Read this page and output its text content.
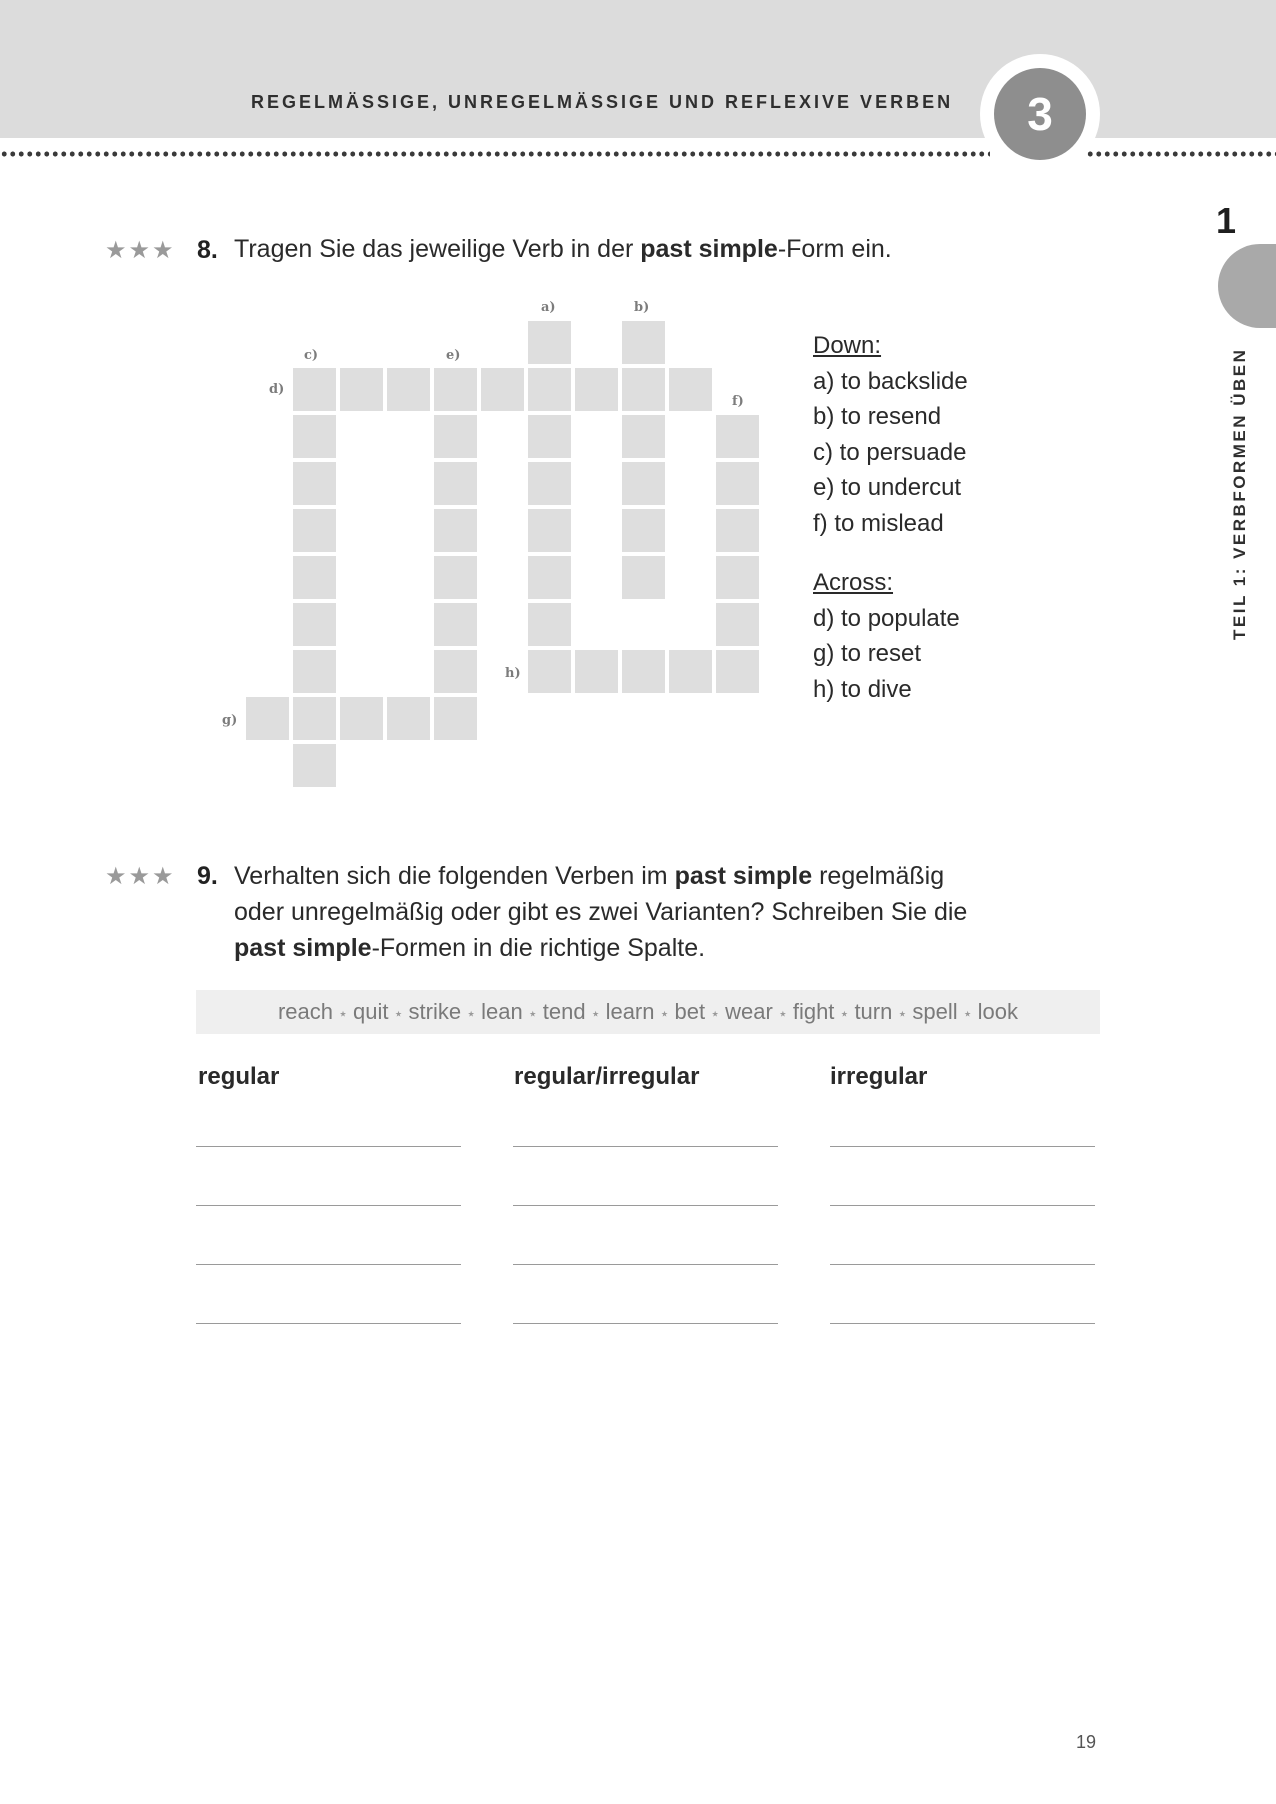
REGELMÄSSIGE, UNREGELMÄSSIGE UND REFLEXIVE VERBEN	3
1
TEIL 1: VERBFORMEN ÜBEN
★★★ 8. Tragen Sie das jeweilige Verb in der past simple-Form ein.
a)	b)
c)
d)
e)
f)
g)
h)
Down:
a) to backslide
b) to resend
c) to persuade
e) to undercut
f) to mislead
Across:
d) to populate
g) to reset
h) to dive
★★★ 9. Verhalten sich die folgenden Verben im past simple regelmäßig
oder unregelmäßig oder gibt es zwei Varianten? Schreiben Sie die
past simple-Formen in die richtige Spalte.
reach ⋆ quit ⋆ strike ⋆ lean ⋆ tend ⋆ learn ⋆ bet ⋆ wear ⋆ fight ⋆ turn ⋆ spell ⋆ look
regular	regular/irregular	irregular
19
